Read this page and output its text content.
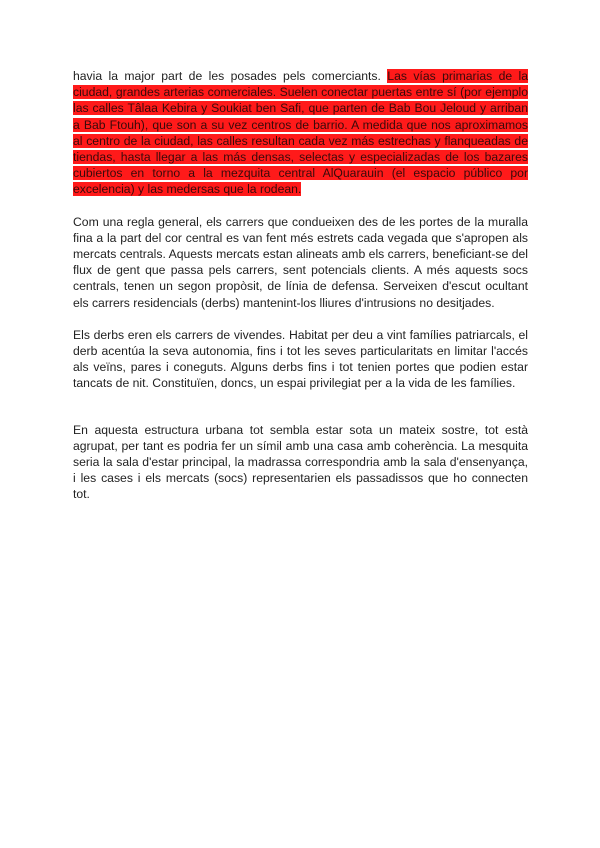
havia la major part de les posades pels comerciants. Las vías primarias de la ciudad, grandes arterias comerciales. Suelen conectar puertas entre sí (por ejemplo las calles Tâlaa Kebira y Soukiat ben Safi, que parten de Bab Bou Jeloud y arriban a Bab Ftouh), que son a su vez centros de barrio. A medida que nos aproximamos al centro de la ciudad, las calles resultan cada vez más estrechas y flanqueadas de tiendas, hasta llegar a las más densas, selectas y especializadas de los bazares cubiertos en torno a la mezquita central AlQuarauin (el espacio público por excelencia) y las medersas que la rodean.

Com una regla general, els carrers que condueixen des de les portes de la muralla fina a la part del cor central es van fent més estrets cada vegada que s'apropen als mercats centrals. Aquests mercats estan alineats amb els carrers, beneficiant-se del flux de gent que passa pels carrers, sent potencials clients. A més aquests socs centrals, tenen un segon propòsit, de línia de defensa. Serveixen d'escut ocultant els carrers residencials (derbs) mantenint-los lliures d'intrusions no desitjades.

Els derbs eren els carrers de vivendes. Habitat per deu a vint famílies patriarcals, el derb acentúa la seva autonomia, fins i tot les seves particularitats en limitar l'accés als veïns, pares i coneguts. Alguns derbs fins i tot tenien portes que podien estar tancats de nit. Constituïen, doncs, un espai privilegiat per a la vida de les famílies.

En aquesta estructura urbana tot sembla estar sota un mateix sostre, tot està agrupat, per tant es podria fer un símil amb una casa amb coherència. La mesquita seria la sala d'estar principal, la madrassa correspondria amb la sala d'ensenyança, i les cases i els mercats (socs) representarien els passadissos que ho connecten tot.
